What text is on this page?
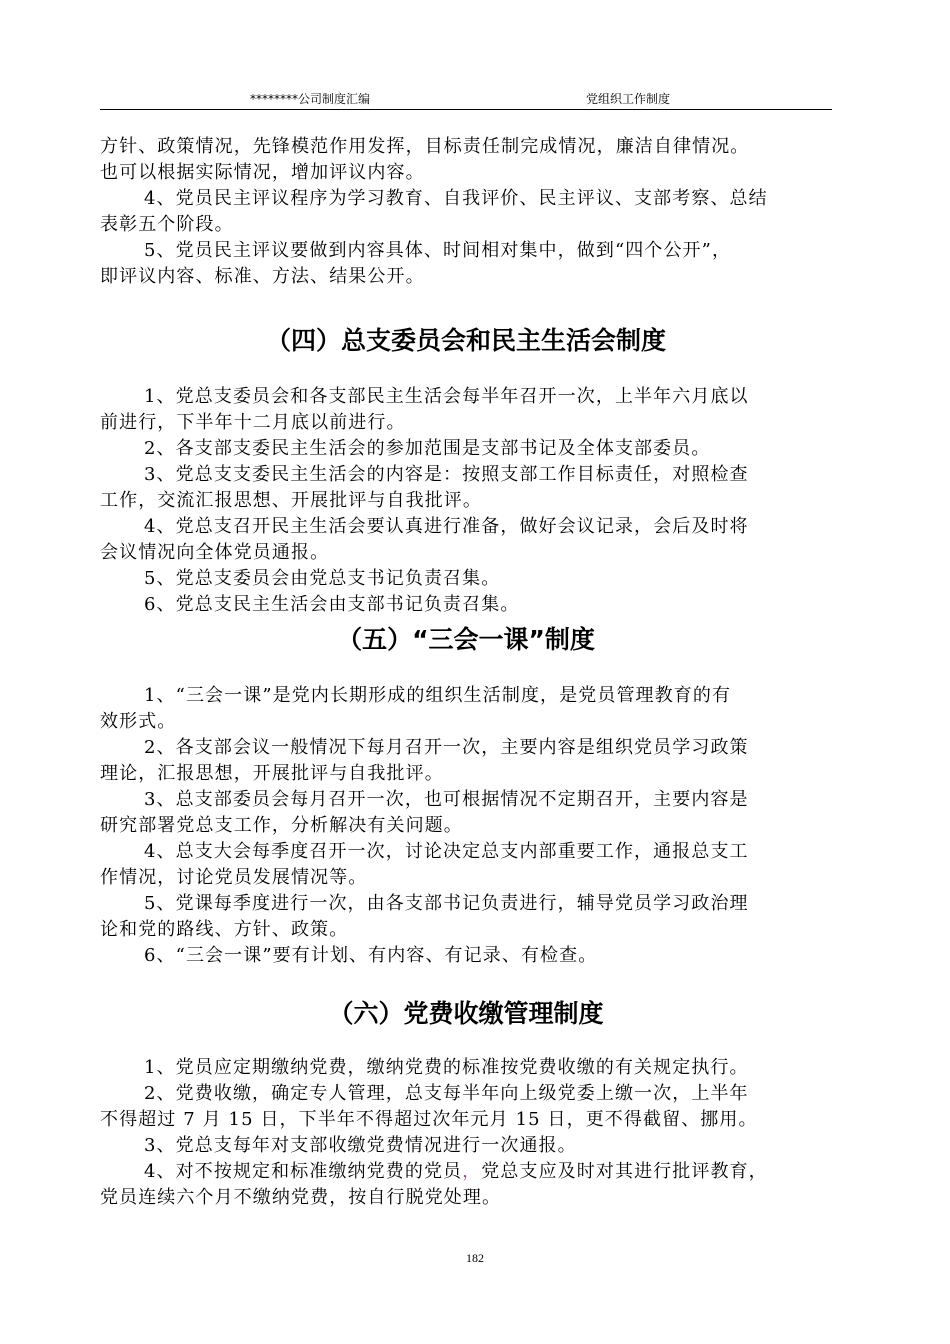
********公司制度汇编	党组织工作制度
方针、政策情况，先锋模范作用发挥，目标责任制完成情况，廉洁自律情况。
也可以根据实际情况，增加评议内容。
4、党员民主评议程序为学习教育、自我评价、民主评议、支部考察、总结
表彰五个阶段。
5、党员民主评议要做到内容具体、时间相对集中，做到“四个公开”，
即评议内容、标准、方法、结果公开。
（四）总支委员会和民主生活会制度
1、党总支委员会和各支部民主生活会每半年召开一次，上半年六月底以
前进行，下半年十二月底以前进行。
2、各支部支委民主生活会的参加范围是支部书记及全体支部委员。
3、党总支支委民主生活会的内容是：按照支部工作目标责任，对照检查
工作，交流汇报思想、开展批评与自我批评。
4、党总支召开民主生活会要认真进行准备，做好会议记录，会后及时将
会议情况向全体党员通报。
5、党总支委员会由党总支书记负责召集。
6、党总支民主生活会由支部书记负责召集。
（五）“三会一课”制度
1、“三会一课”是党内长期形成的组织生活制度，是党员管理教育的有
效形式。
2、各支部会议一般情况下每月召开一次，主要内容是组织党员学习政策
理论，汇报思想，开展批评与自我批评。
3、总支部委员会每月召开一次，也可根据情况不定期召开，主要内容是
研究部署党总支工作，分析解决有关问题。
4、总支大会每季度召开一次，讨论决定总支内部重要工作，通报总支工
作情况，讨论党员发展情况等。
5、党课每季度进行一次，由各支部书记负责进行，辅导党员学习政治理
论和党的路线、方针、政策。
6、“三会一课”要有计划、有内容、有记录、有检查。
（六）党费收缴管理制度
1、党员应定期缴纳党费，缴纳党费的标准按党费收缴的有关规定执行。
2、党费收缴，确定专人管理，总支每半年向上级党委上缴一次，上半年
不得超过 7 月 15 日，下半年不得超过次年元月 15 日，更不得截留、挪用。
3、党总支每年对支部收缴党费情况进行一次通报。
4、对不按规定和标准缴纳党费的党员，党总支应及时对其进行批评教育，
党员连续六个月不缴纳党费，按自行脱党处理。
182
